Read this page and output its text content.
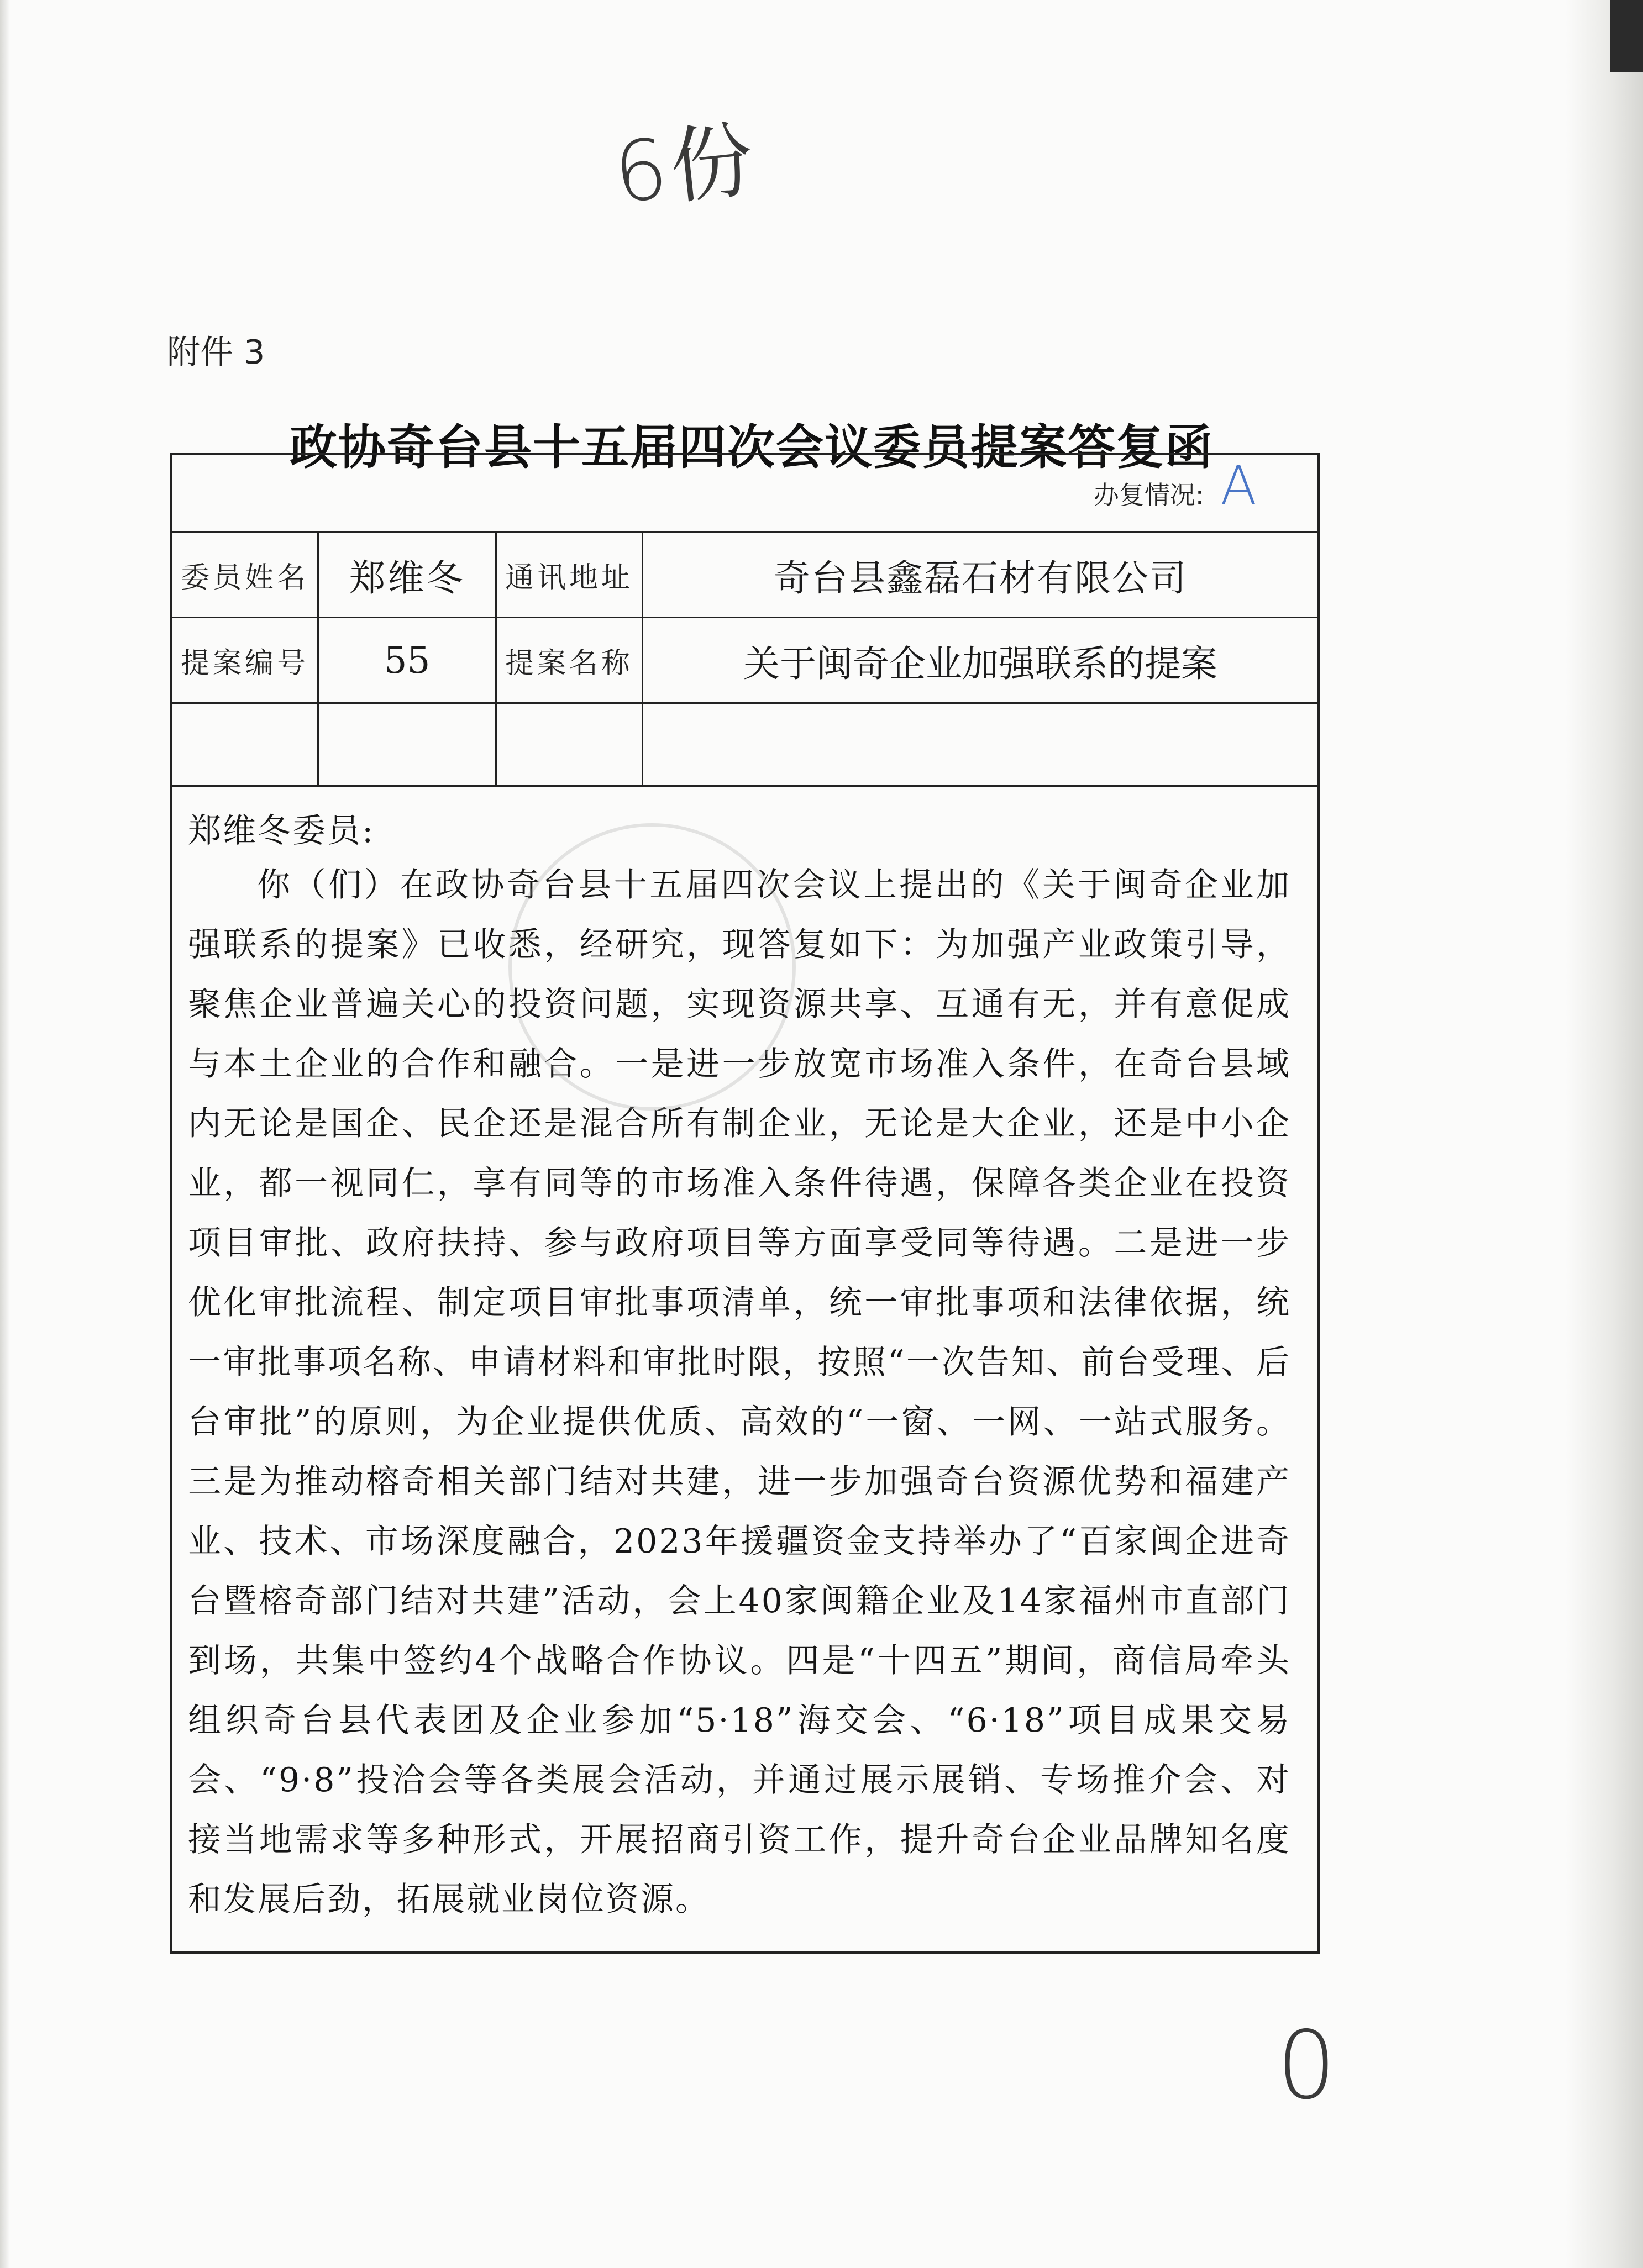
6份
附件 3
政协奇台县十五届四次会议委员提案答复函
办复情况: A
委员姓名 郑维冬 通讯地址	奇台县鑫磊石材有限公司
提案编号 55	提案名称	关于闽奇企业加强联系的提案
郑维冬委员:

你（们）在政协奇台县十五届四次会议上提出的《关于闽奇企业加强联系的提案》已收悉，经研究，现答复如下：为加强产业政策引导，聚焦企业普遍关心的投资问题，实现资源共享、互通有无，并有意促成与本土企业的合作和融合。一是进一步放宽市场准入条件，在奇台县域内无论是国企、民企还是混合所有制企业，无论是大企业，还是中小企业，都一视同仁，享有同等的市场准入条件待遇，保障各类企业在投资项目审批、政府扶持、参与政府项目等方面享受同等待遇。二是进一步优化审批流程、制定项目审批事项清单，统一审批事项和法律依据，统一审批事项名称、申请材料和审批时限，按照“一次告知、前台受理、后台审批”的原则，为企业提供优质、高效的“一窗、一网、一站式服务。三是为推动榕奇相关部门结对共建，进一步加强奇台资源优势和福建产业、技术、市场深度融合，2023年援疆资金支持举办了“百家闽企进奇台暨榕奇部门结对共建”活动，会上40家闽籍企业及14家福州市直部门到场，共集中签约4个战略合作协议。四是“十四五”期间，商信局牵头组织奇台县代表团及企业参加“5·18”海交会、“6·18”项目成果交易会、“9·8”投洽会等各类展会活动，并通过展示展销、专场推介会、对接当地需求等多种形式，开展招商引资工作，提升奇台企业品牌知名度和发展后劲，拓展就业岗位资源。

0
